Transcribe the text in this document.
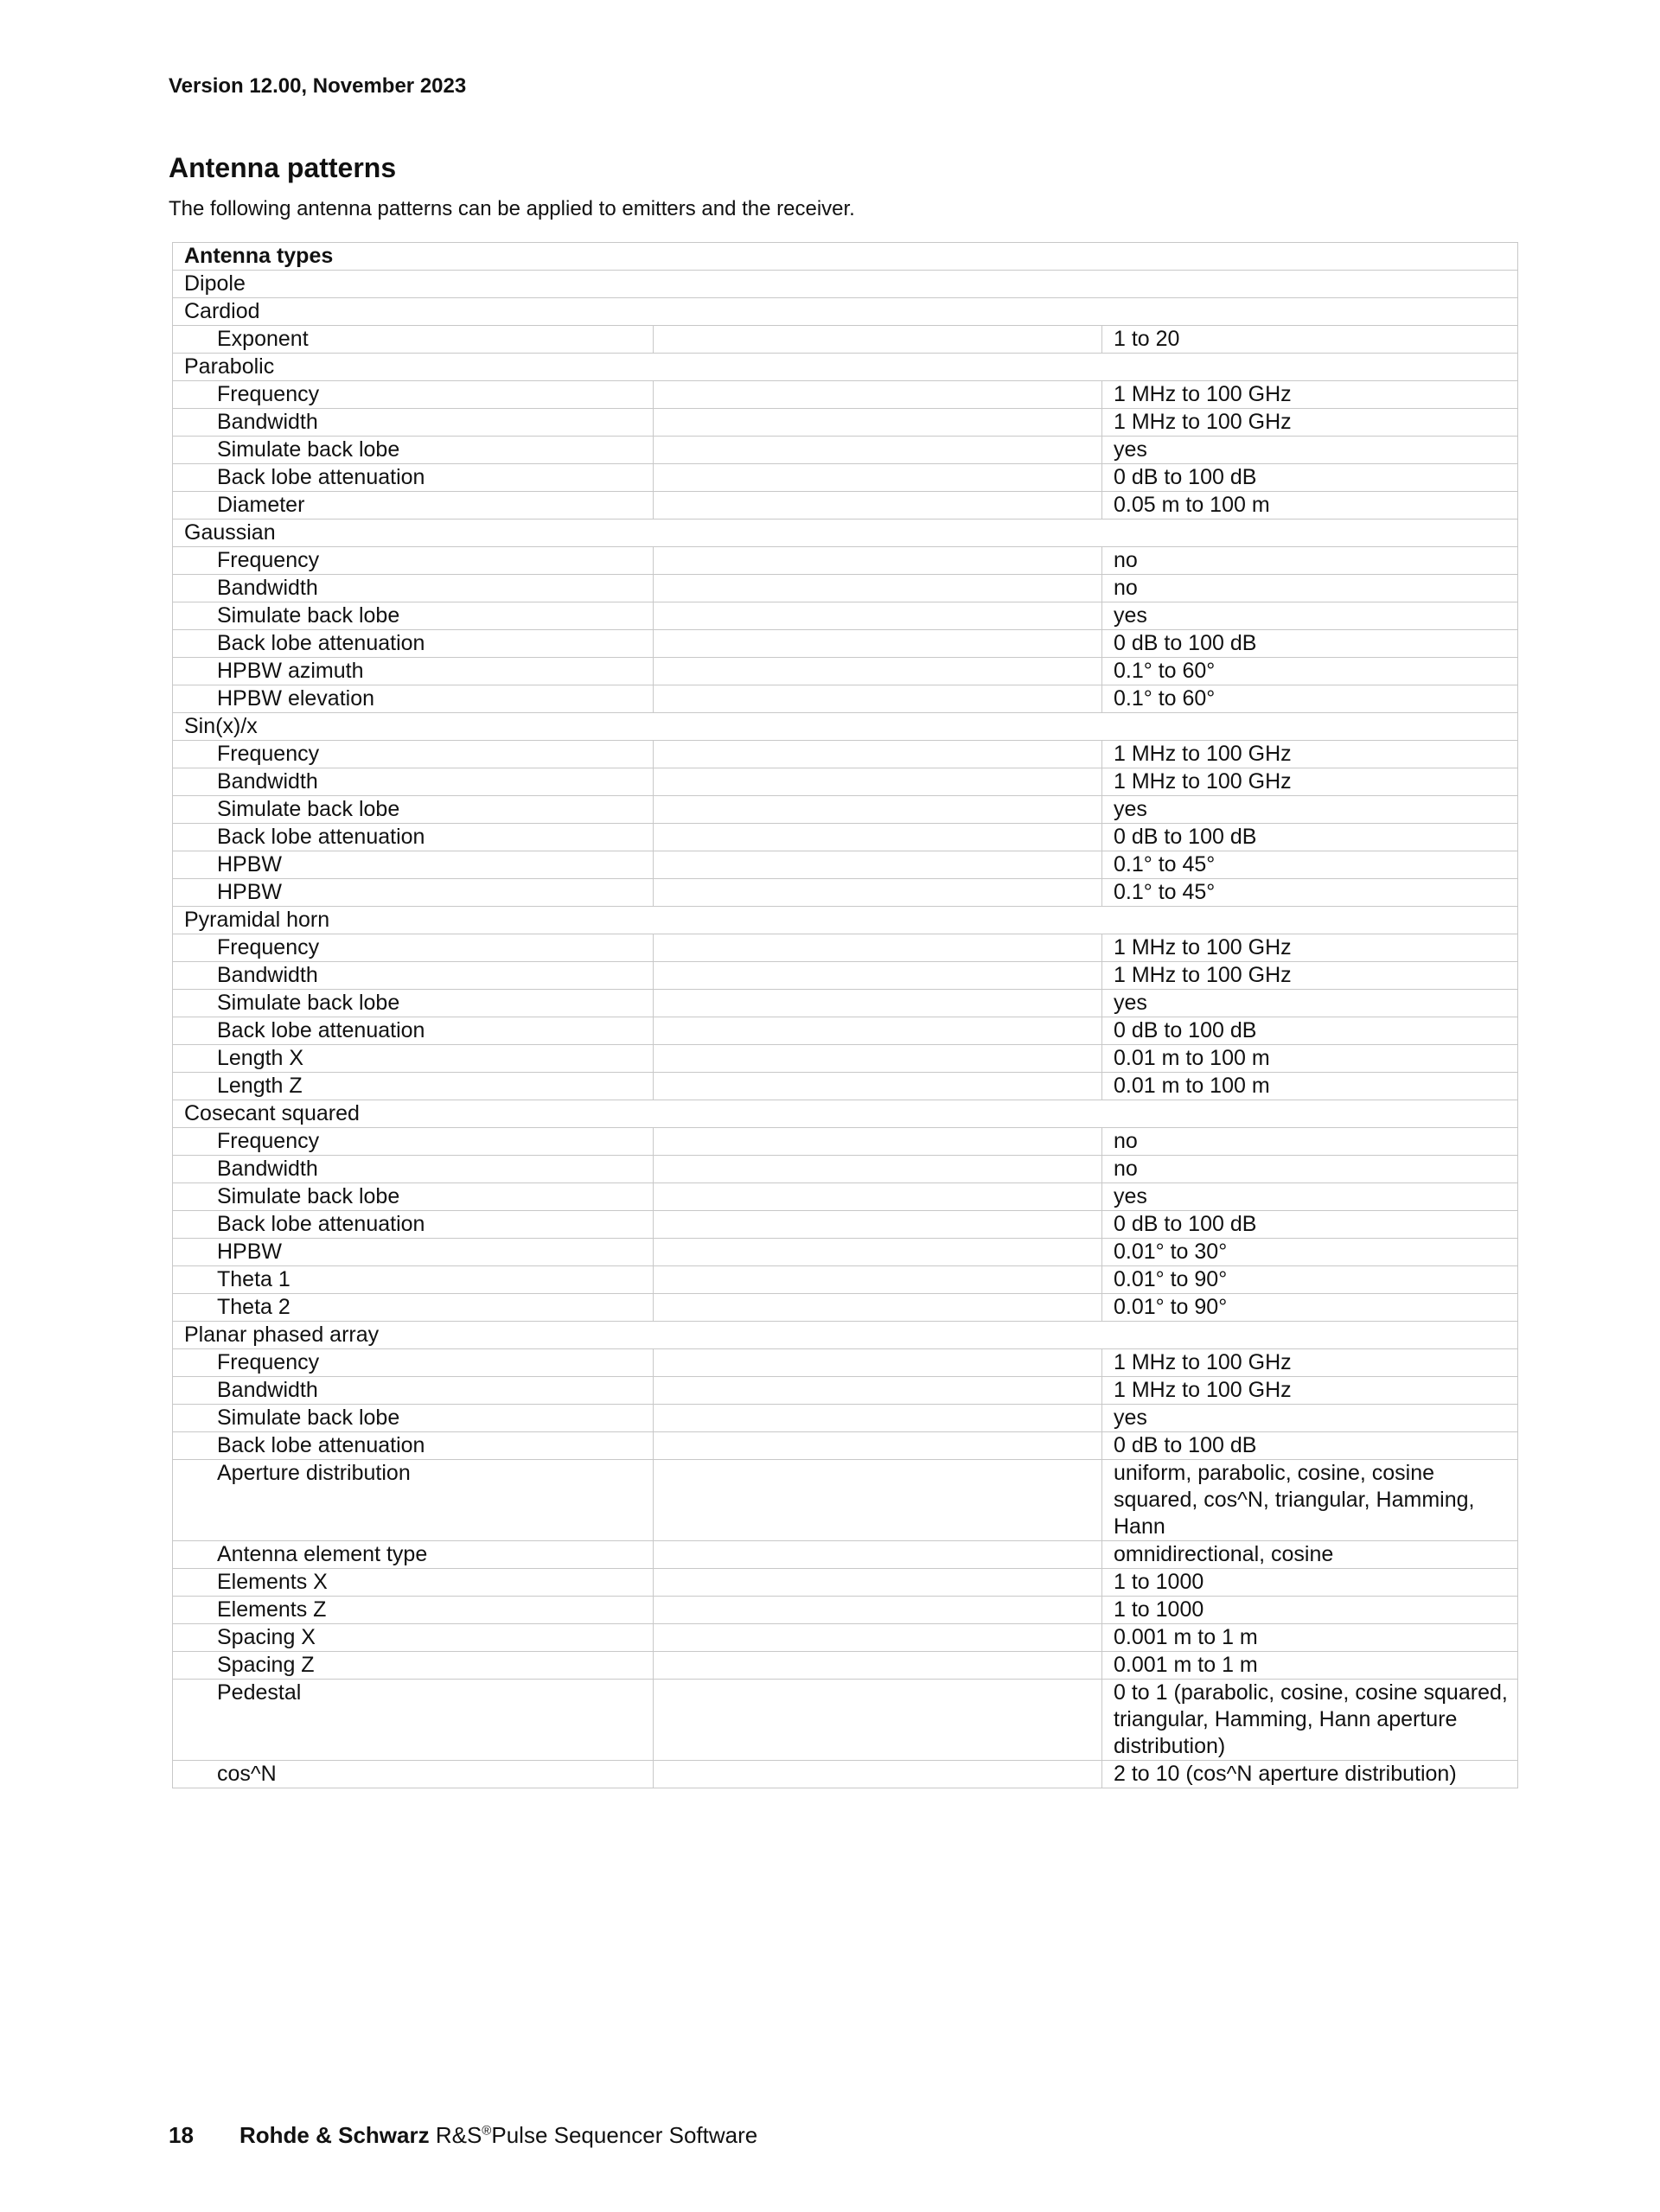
Version 12.00, November 2023
Antenna patterns
The following antenna patterns can be applied to emitters and the receiver.
Antenna types		
Dipole		
Cardiod		
Exponent		1 to 20
Parabolic		
Frequency		1 MHz to 100 GHz
Bandwidth		1 MHz to 100 GHz
Simulate back lobe		yes
Back lobe attenuation		0 dB to 100 dB
Diameter		0.05 m to 100 m
Gaussian		
Frequency		no
Bandwidth		no
Simulate back lobe		yes
Back lobe attenuation		0 dB to 100 dB
HPBW azimuth		0.1° to 60°
HPBW elevation		0.1° to 60°
Sin(x)/x		
Frequency		1 MHz to 100 GHz
Bandwidth		1 MHz to 100 GHz
Simulate back lobe		yes
Back lobe attenuation		0 dB to 100 dB
HPBW		0.1° to 45°
HPBW		0.1° to 45°
Pyramidal horn		
Frequency		1 MHz to 100 GHz
Bandwidth		1 MHz to 100 GHz
Simulate back lobe		yes
Back lobe attenuation		0 dB to 100 dB
Length X		0.01 m to 100 m
Length Z		0.01 m to 100 m
Cosecant squared		
Frequency		no
Bandwidth		no
Simulate back lobe		yes
Back lobe attenuation		0 dB to 100 dB
HPBW		0.01° to 30°
Theta 1		0.01° to 90°
Theta 2		0.01° to 90°
Planar phased array		
Frequency		1 MHz to 100 GHz
Bandwidth		1 MHz to 100 GHz
Simulate back lobe		yes
Back lobe attenuation		0 dB to 100 dB
Aperture distribution		uniform, parabolic, cosine, cosine squared, cos^N, triangular, Hamming, Hann
Antenna element type		omnidirectional, cosine
Elements X		1 to 1000
Elements Z		1 to 1000
Spacing X		0.001 m to 1 m
Spacing Z		0.001 m to 1 m
Pedestal		0 to 1 (parabolic, cosine, cosine squared, triangular, Hamming, Hann aperture distribution)
cos^N		2 to 10 (cos^N aperture distribution)
18 Rohde & Schwarz R&S®Pulse Sequencer Software
